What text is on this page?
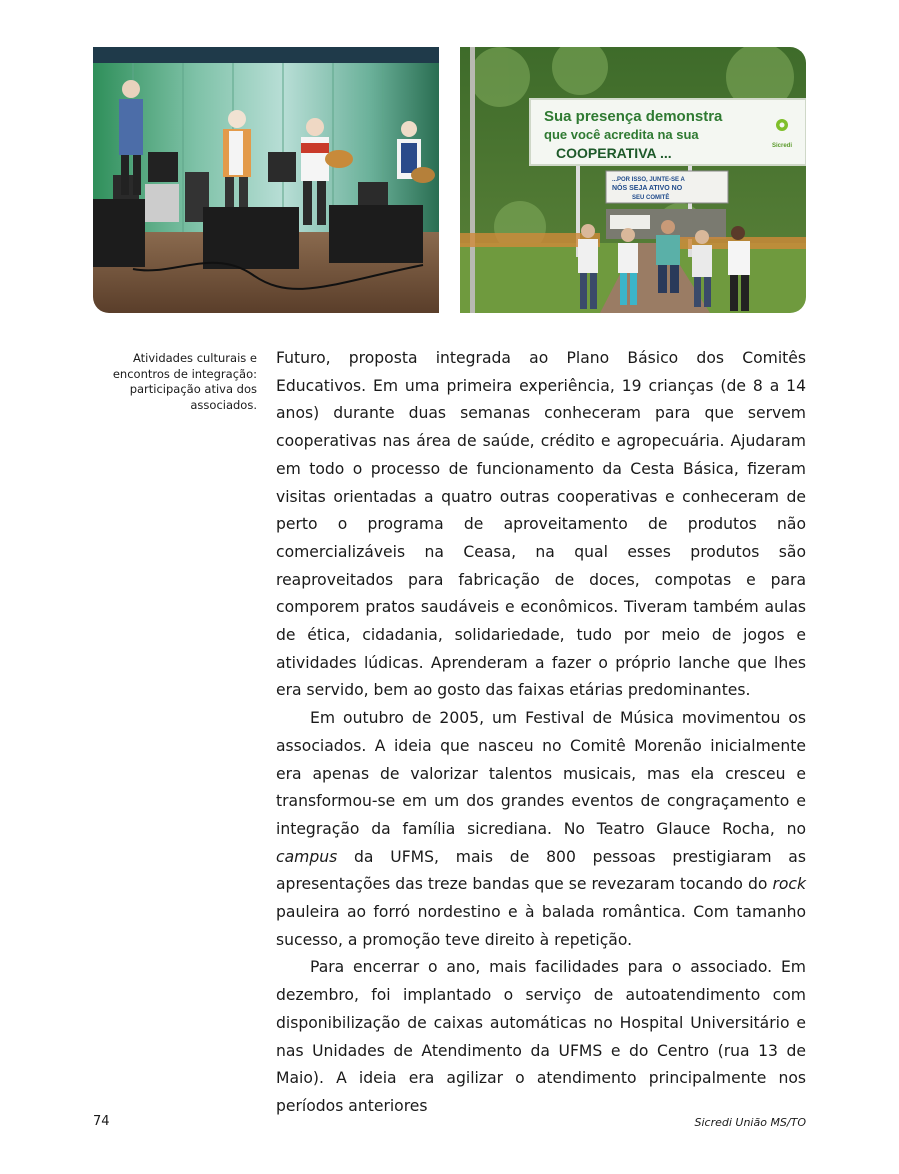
Sua presença demonstra
que você acredita na sua
COOPERATIVA ...	Sicredi
...POR ISSO, JUNTE-SE A
NÓS SEJA ATIVO NO
SEU COMITÊ
Atividades culturais e encontros de integração: participação ativa dos associados.

Futuro, proposta integrada ao Plano Básico dos Comitês Educativos. Em uma primeira experiência, 19 crianças (de 8 a 14 anos) durante duas semanas conheceram para que servem cooperativas nas área de saúde, crédito e agropecuária. Ajudaram em todo o processo de funcionamento da Cesta Básica, fizeram visitas orientadas a quatro outras cooperativas e conheceram de perto o programa de aproveitamento de produtos não comercializáveis na Ceasa, na qual esses produtos são reaproveitados para fabricação de doces, compotas e para comporem pratos saudáveis e econômicos. Tiveram também aulas de ética, cidadania, solidariedade, tudo por meio de jogos e atividades lúdicas. Aprenderam a fazer o próprio lanche que lhes era servido, bem ao gosto das faixas etárias predominantes.

Em outubro de 2005, um Festival de Música movimentou os associados. A ideia que nasceu no Comitê Morenão inicialmente era apenas de valorizar talentos musicais, mas ela cresceu e transformou-se em um dos grandes eventos de congraçamento e integração da família sicrediana. No Teatro Glauce Rocha, no campus da UFMS, mais de 800 pessoas prestigiaram as apresentações das treze bandas que se revezaram tocando do rock pauleira ao forró nordestino e à balada romântica. Com tamanho sucesso, a promoção teve direito à repetição.

Para encerrar o ano, mais facilidades para o associado. Em dezembro, foi implantado o serviço de autoatendimento com disponibilização de caixas automáticas no Hospital Universitário e nas Unidades de Atendimento da UFMS e do Centro (rua 13 de Maio). A ideia era agilizar o atendimento principalmente nos períodos anteriores

74	Sicredi União MS/TO
